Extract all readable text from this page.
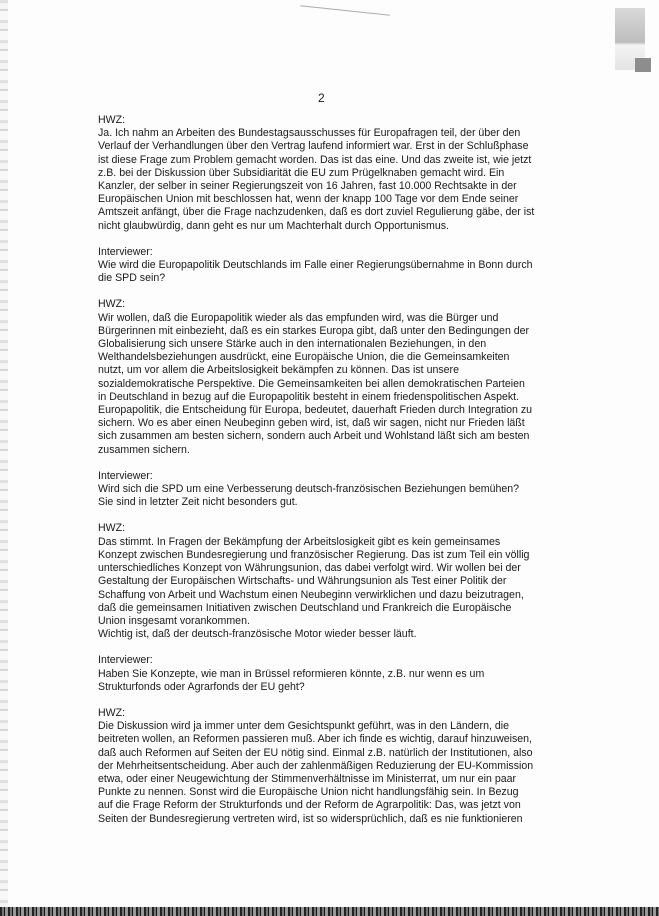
2
HWZ:
Ja. Ich nahm an Arbeiten des Bundestagsausschusses für Europafragen teil, der über den
Verlauf der Verhandlungen über den Vertrag laufend informiert war. Erst in der Schlußphase
ist diese Frage zum Problem gemacht worden. Das ist das eine. Und das zweite ist, wie jetzt
z.B. bei der Diskussion über Subsidiarität die EU zum Prügelknaben gemacht wird. Ein
Kanzler, der selber in seiner Regierungszeit von 16 Jahren, fast 10.000 Rechtsakte in der
Europäischen Union mit beschlossen hat, wenn der knapp 100 Tage vor dem Ende seiner
Amtszeit anfängt, über die Frage nachzudenken, daß es dort zuviel Regulierung gäbe, der ist
nicht glaubwürdig, dann geht es nur um Machterhalt durch Opportunismus.
Interviewer:
Wie wird die Europapolitik Deutschlands im Falle einer Regierungsübernahme in Bonn durch
die SPD sein?
HWZ:
Wir wollen, daß die Europapolitik wieder als das empfunden wird, was die Bürger und
Bürgerinnen mit einbezieht, daß es ein starkes Europa gibt, daß unter den Bedingungen der
Globalisierung sich unsere Stärke auch in den internationalen Beziehungen, in den
Welthandelsbeziehungen ausdrückt, eine Europäische Union, die die Gemeinsamkeiten
nutzt, um vor allem die Arbeitslosigkeit bekämpfen zu können. Das ist unsere
sozialdemokratische Perspektive. Die Gemeinsamkeiten bei allen demokratischen Parteien
in Deutschland in bezug auf die Europapolitik besteht in einem friedenspolitischen Aspekt.
Europapolitik, die Entscheidung für Europa, bedeutet, dauerhaft Frieden durch Integration zu
sichern. Wo es aber einen Neubeginn geben wird, ist, daß wir sagen, nicht nur Frieden läßt
sich zusammen am besten sichern, sondern auch Arbeit und Wohlstand läßt sich am besten
zusammen sichern.
Interviewer:
Wird sich die SPD um eine Verbesserung deutsch-französischen Beziehungen bemühen?
Sie sind in letzter Zeit nicht besonders gut.
HWZ:
Das stimmt. In Fragen der Bekämpfung der Arbeitslosigkeit gibt es kein gemeinsames
Konzept zwischen Bundesregierung und französischer Regierung. Das ist zum Teil ein völlig
unterschiedliches Konzept von Währungsunion, das dabei verfolgt wird. Wir wollen bei der
Gestaltung der Europäischen Wirtschafts- und Währungsunion als Test einer Politik der
Schaffung von Arbeit und Wachstum einen Neubeginn verwirklichen und dazu beizutragen,
daß die gemeinsamen Initiativen zwischen Deutschland und Frankreich die Europäische
Union insgesamt vorankommen.
Wichtig ist, daß der deutsch-französische Motor wieder besser läuft.
Interviewer:
Haben Sie Konzepte, wie man in Brüssel reformieren könnte, z.B. nur wenn es um
Strukturfonds oder Agrarfonds der EU geht?
HWZ:
Die Diskussion wird ja immer unter dem Gesichtspunkt geführt, was in den Ländern, die
beitreten wollen, an Reformen passieren muß. Aber ich finde es wichtig, darauf hinzuweisen,
daß auch Reformen auf Seiten der EU nötig sind. Einmal z.B. natürlich der Institutionen, also
der Mehrheitsentscheidung. Aber auch der zahlenmäßigen Reduzierung der EU-Kommission
etwa, oder einer Neugewichtung der Stimmenverhältnisse im Ministerrat, um nur ein paar
Punkte zu nennen. Sonst wird die Europäische Union nicht handlungsfähig sein. In Bezug
auf die Frage Reform der Strukturfonds und der Reform de Agrarpolitik: Das, was jetzt von
Seiten der Bundesregierung vertreten wird, ist so widersprüchlich, daß es nie funktionieren
